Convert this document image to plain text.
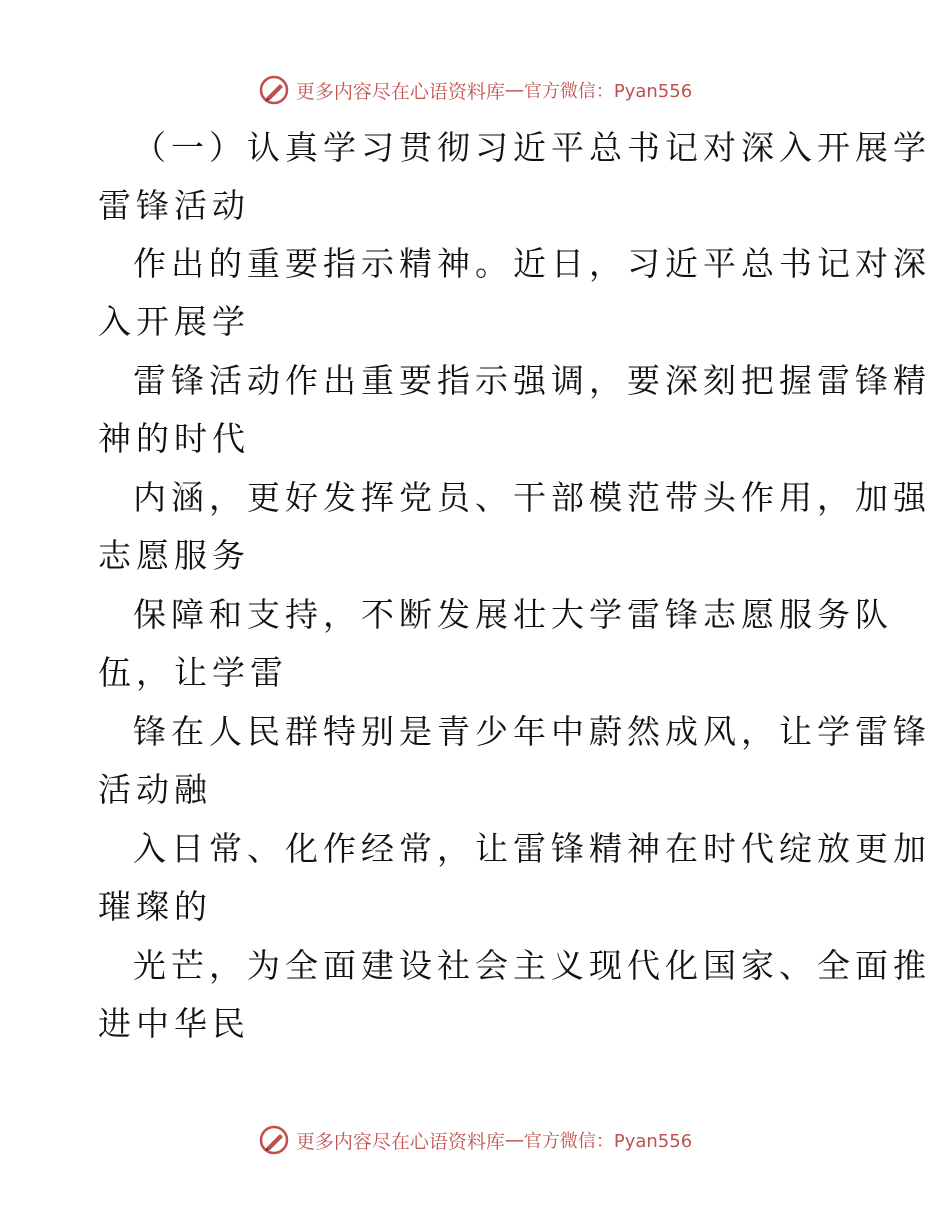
更多内容尽在心语资料库 — 官方微信：Pyan556
（一）认真学习贯彻习近平总书记对深入开展学
雷锋活动
作出的重要指示精神。近日，习近平总书记对深
入开展学
雷锋活动作出重要指示强调，要深刻把握雷锋精
神的时代
内涵，更好发挥党员、干部模范带头作用，加强
志愿服务
保障和支持，不断发展壮大学雷锋志愿服务队
伍，让学雷
锋在人民群特别是青少年中蔚然成风，让学雷锋
活动融
入日常、化作经常，让雷锋精神在时代绽放更加
璀璨的
光芒，为全面建设社会主义现代化国家、全面推
进中华民
更多内容尽在心语资料库 — 官方微信：Pyan556
